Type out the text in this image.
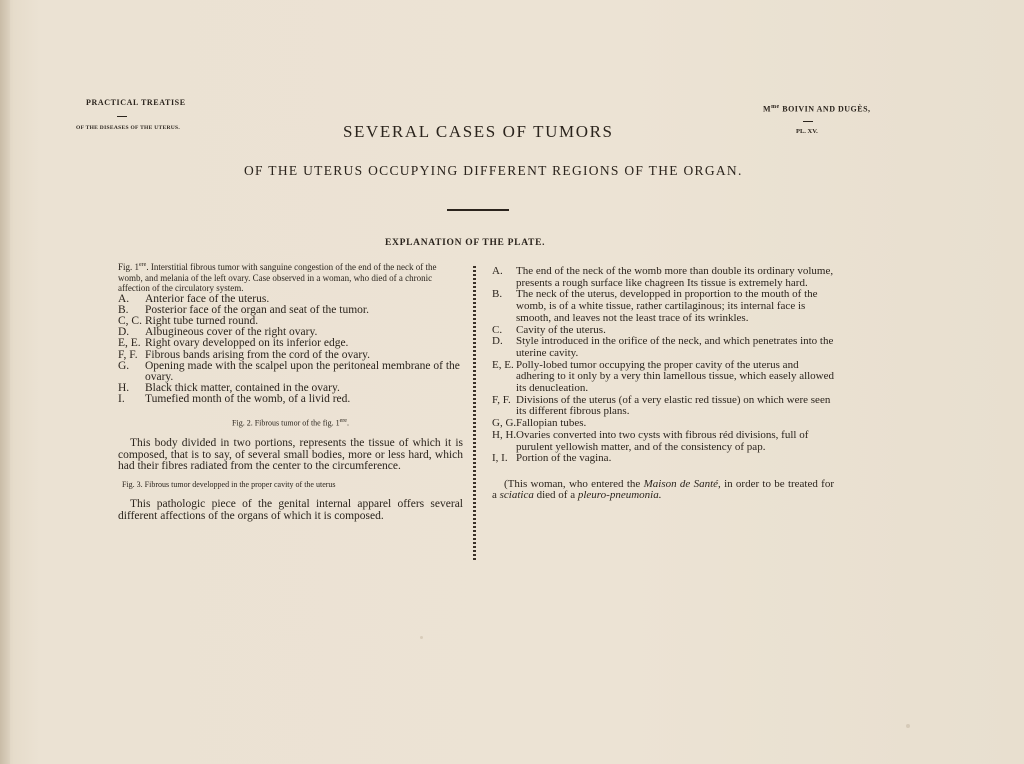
PRACTICAL TREATISE
OF THE DISEASES OF THE UTERUS.
$M^{me}$ BOIVIN AND DUGÈS,
PL. XV.
SEVERAL CASES OF TUMORS
OF THE UTERUS OCCUPYING DIFFERENT REGIONS OF THE ORGAN.
EXPLANATION OF THE PLATE.

Fig. 1ere. Interstitial fibrous tumor with sanguine congestion of the end of the neck of the womb, and melania of the left ovary. Case observed in a woman, who died of a chronic affection of the circulatory system.

A. Anterior face of the uterus.
B. Posterior face of the organ and seat of the tumor.
C, C. Right tube turned round.
D. Albugineous cover of the right ovary.
E, E. Right ovary developped on its inferior edge.
F, F. Fibrous bands arising from the cord of the ovary.
G. Opening made with the scalpel upon the peritoneal membrane of the ovary.
H. Black thick matter, contained in the ovary.
I. Tumefied month of the womb, of a livid red.

Fig. 2. Fibrous tumor of the fig. 1ere.

This body divided in two portions, represents the tissue of which it is composed, that is to say, of several small bodies, more or less hard, which had their fibres radiated from the center to the circumference.

Fig. 3. Fibrous tumor developped in the proper cavity of the uterus

This pathologic piece of the genital internal apparel offers several different affections of the organs of which it is composed.

A. The end of the neck of the womb more than double its ordinary volume, presents a rough surface like chagreen Its tissue is extremely hard.
B. The neck of the uterus, developped in proportion to the mouth of the womb, is of a white tissue, rather cartilaginous; its internal face is smooth, and leaves not the least trace of its wrinkles.
C. Cavity of the uterus.
D. Style introduced in the orifice of the neck, and which penetrates into the uterine cavity.
E, E. Polly-lobed tumor occupying the proper cavity of the uterus and adhering to it only by a very thin lamellous tissue, which easely allowed its denucleation.
F, F. Divisions of the uterus (of a very elastic red tissue) on which were seen its different fibrous plans.
G, G. Fallopian tubes.
H, H. Ovaries converted into two cysts with fibrous réd divisions, full of purulent yellowish matter, and of the consistency of pap.
I, I. Portion of the vagina.

(This woman, who entered the Maison de Santé, in order to be treated for a sciatica died of a pleuro-pneumonia.
